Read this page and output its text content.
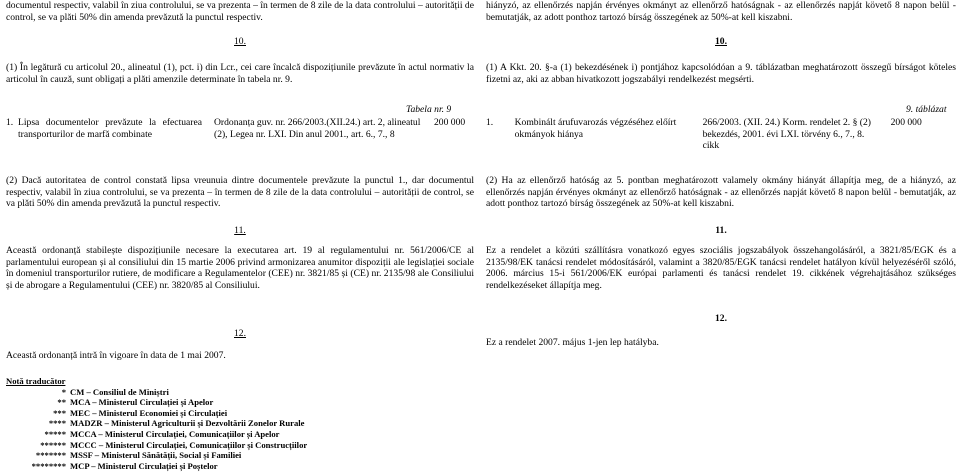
documentul respectiv, valabil în ziua controlului, se va prezenta – în termen de 8 zile de la data controlului – autorității de control, se va plăti 50% din amenda prevăzută la punctul respectiv.

10.

(1) În legătură cu articolul 20., alineatul (1), pct. i) din Lcr., cei care încalcă dispozițiunile prevăzute în actul normativ la articolul în cauză, sunt obligați a plăti amenzile determinate în tabela nr. 9.

Tabela nr. 9
1.	Lipsa documentelor prevăzute la efectuarea transporturilor de marfă combinate	Ordonanța guv. nr. 266/2003.(XII.24.) art. 2, alineatul (2), Legea nr. LXI. Din anul 2001., art. 6., 7., 8	200 000

(2) Dacă autoritatea de control constată lipsa vreunuia dintre documentele prevăzute la punctul 1., dar documentul respectiv, valabil în ziua controlului, se va prezenta – în termen de 8 zile de la data controlului – autorității de control, se va plăti 50% din amenda prevăzută la punctul respectiv.

11.

Această ordonanță stabilește dispozițiunile necesare la executarea art. 19 al regulamentului nr. 561/2006/CE al parlamentului european și al consiliului din 15 martie 2006 privind armonizarea anumitor dispoziții ale legislației sociale în domeniul transporturilor rutiere, de modificare a Regulamentelor (CEE) nr. 3821/85 și (CE) nr. 2135/98 ale Consiliului și de abrogare a Regulamentului (CEE) nr. 3820/85 al Consiliului.

12.

Această ordonanță intră în vigoare în data de 1 mai 2007.

hiányzó, az ellenőrzés napján érvényes okmányt az ellenőrző hatóságnak - az ellenőrzés napját követő 8 napon belül - bemutatják, az adott ponthoz tartozó bírság összegének az 50%-at kell kiszabni.

10.

(1) A Kkt. 20. §-a (1) bekezdésének i) pontjához kapcsolódóan a 9. táblázatban meghatározott összegű bírságot köteles fizetni az, aki az abban hivatkozott jogszabályi rendelkezést megsérti.

9. táblázat
1.	Kombinált árufuvarozás végzéséhez előírt okmányok hiánya	266/2003. (XII. 24.) Korm. rendelet 2. § (2) bekezdés, 2001. évi LXI. törvény 6., 7., 8. cikk	200 000

(2) Ha az ellenőrző hatóság az 5. pontban meghatározott valamely okmány hiányát állapítja meg, de a hiányzó, az ellenőrzés napján érvényes okmányt az ellenőrző hatóságnak - az ellenőrzés napját követő 8 napon belül - bemutatják, az adott ponthoz tartozó bírság összegének az 50%-at kell kiszabni.

11.

Ez a rendelet a közúti szállításra vonatkozó egyes szociális jogszabályok összehangolásáról, a 3821/85/EGK és a 2135/98/EK tanácsi rendelet módosításáról, valamint a 3820/85/EGK tanácsi rendelet hatályon kívül helyezéséről szóló, 2006. március 15-i 561/2006/EK európai parlamenti és tanácsi rendelet 19. cikkének végrehajtásához szükséges rendelkezéseket állapítja meg.

12.

Ez a rendelet 2007. május 1-jen lep hatályba.

Notă traducător
* CM – Consiliul de Miniștri
** MCA – Ministerul Circulației și Apelor
*** MEC – Ministerul Economiei și Circulației
**** MADZR – Ministerul Agriculturii și Dezvoltării Zonelor Rurale
***** MCCA – Ministerul Circulației, Comunicațiilor și Apelor
****** MCCC – Ministerul Circulației, Comunicațiilor și Construcțiilor
******* MSSF – Ministerul Sănătății, Social și Familiei
******** MCP – Ministerul Circulației și Poștelor
